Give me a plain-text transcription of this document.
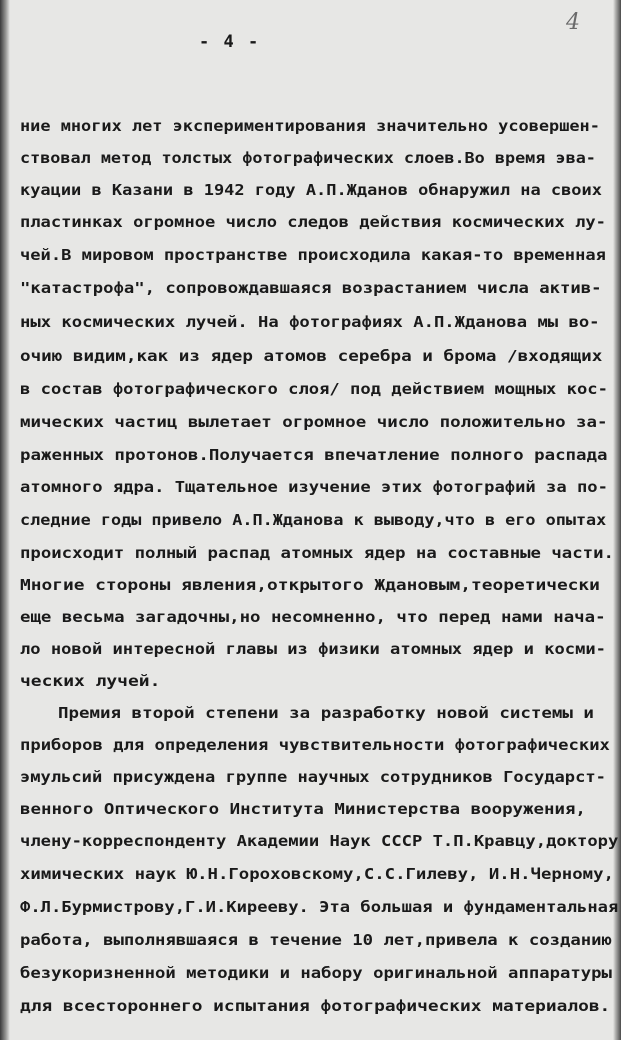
- 4 -
4
ние многих лет экспериментирования значительно усовершен-
ствовал метод толстых фотографических слоев.Во время эва-
куации в Казани в 1942 году А.П.Жданов обнаружил на своих
пластинках огромное число следов действия космических лу-
чей.В мировом пространстве происходила какая-то временная
"катастрофа", сопровождавшаяся возрастанием числа актив-
ных космических лучей. На фотографиях А.П.Жданова мы во-
очию видим,как из ядер атомов серебра и брома /входящих
в состав фотографического слоя/ под действием мощных кос-
мических частиц вылетает огромное число положительно за-
раженных протонов.Получается впечатление полного распада
атомного ядра. Тщательное изучение этих фотографий за по-
следние годы привело А.П.Жданова к выводу,что в его опытах
происходит полный распад атомных ядер на составные части.
Многие стороны явления,открытого Ждановым,теоретически
еще весьма загадочны,но несомненно, что перед нами нача-
ло новой интересной главы из физики атомных ядер и косми-
ческих лучей.
Премия второй степени за разработку новой системы и
приборов для определения чувствительности фотографических
эмульсий присуждена группе научных сотрудников Государст-
венного Оптического Института Министерства вооружения,
члену-корреспонденту Академии Наук СССР Т.П.Кравцу,доктору
химических наук Ю.Н.Гороховскому,С.С.Гилеву, И.Н.Черному,
Ф.Л.Бурмистрову,Г.И.Кирееву. Эта большая и фундаментальная
работа, выполнявшаяся в течение 10 лет,привела к созданию
безукоризненной методики и набору оригинальной аппаратуры
для всестороннего испытания фотографических материалов.
